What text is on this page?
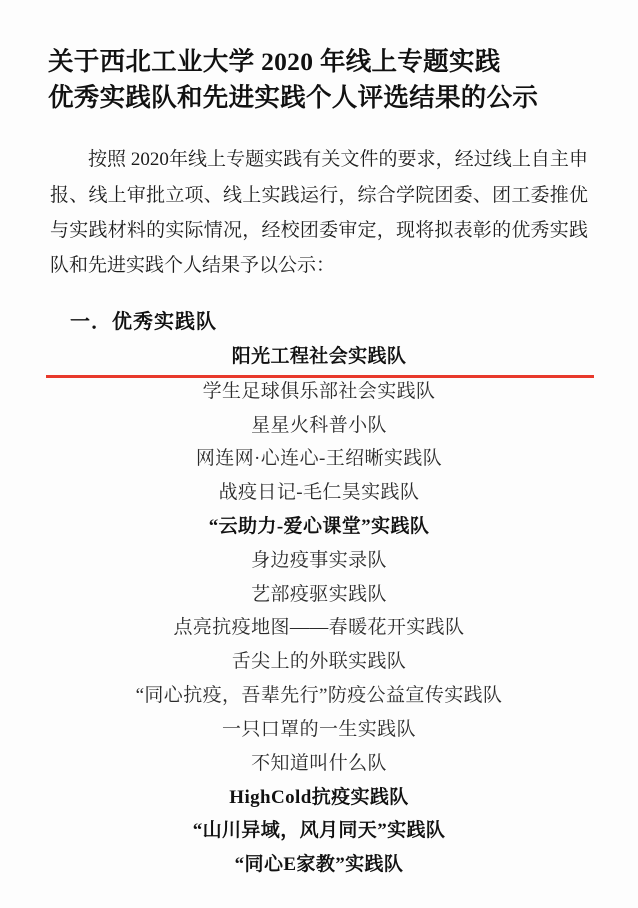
关于西北工业大学 2020 年线上专题实践
优秀实践队和先进实践个人评选结果的公示

按照 2020年线上专题实践有关文件的要求，经过线上自主申报、线上审批立项、线上实践运行，综合学院团委、团工委推优与实践材料的实际情况，经校团委审定，现将拟表彰的优秀实践队和先进实践个人结果予以公示：

一．优秀实践队
阳光工程社会实践队
学生足球俱乐部社会实践队
星星火科普小队
网连网·心连心-王绍晰实践队
战疫日记-毛仁昊实践队
“云助力-爱心课堂”实践队
身边疫事实录队
艺部疫驱实践队
点亮抗疫地图——春暖花开实践队
舌尖上的外联实践队
“同心抗疫，吾辈先行”防疫公益宣传实践队
一只口罩的一生实践队
不知道叫什么队
HighCold抗疫实践队
“山川异域，风月同天”实践队
“同心E家教”实践队
